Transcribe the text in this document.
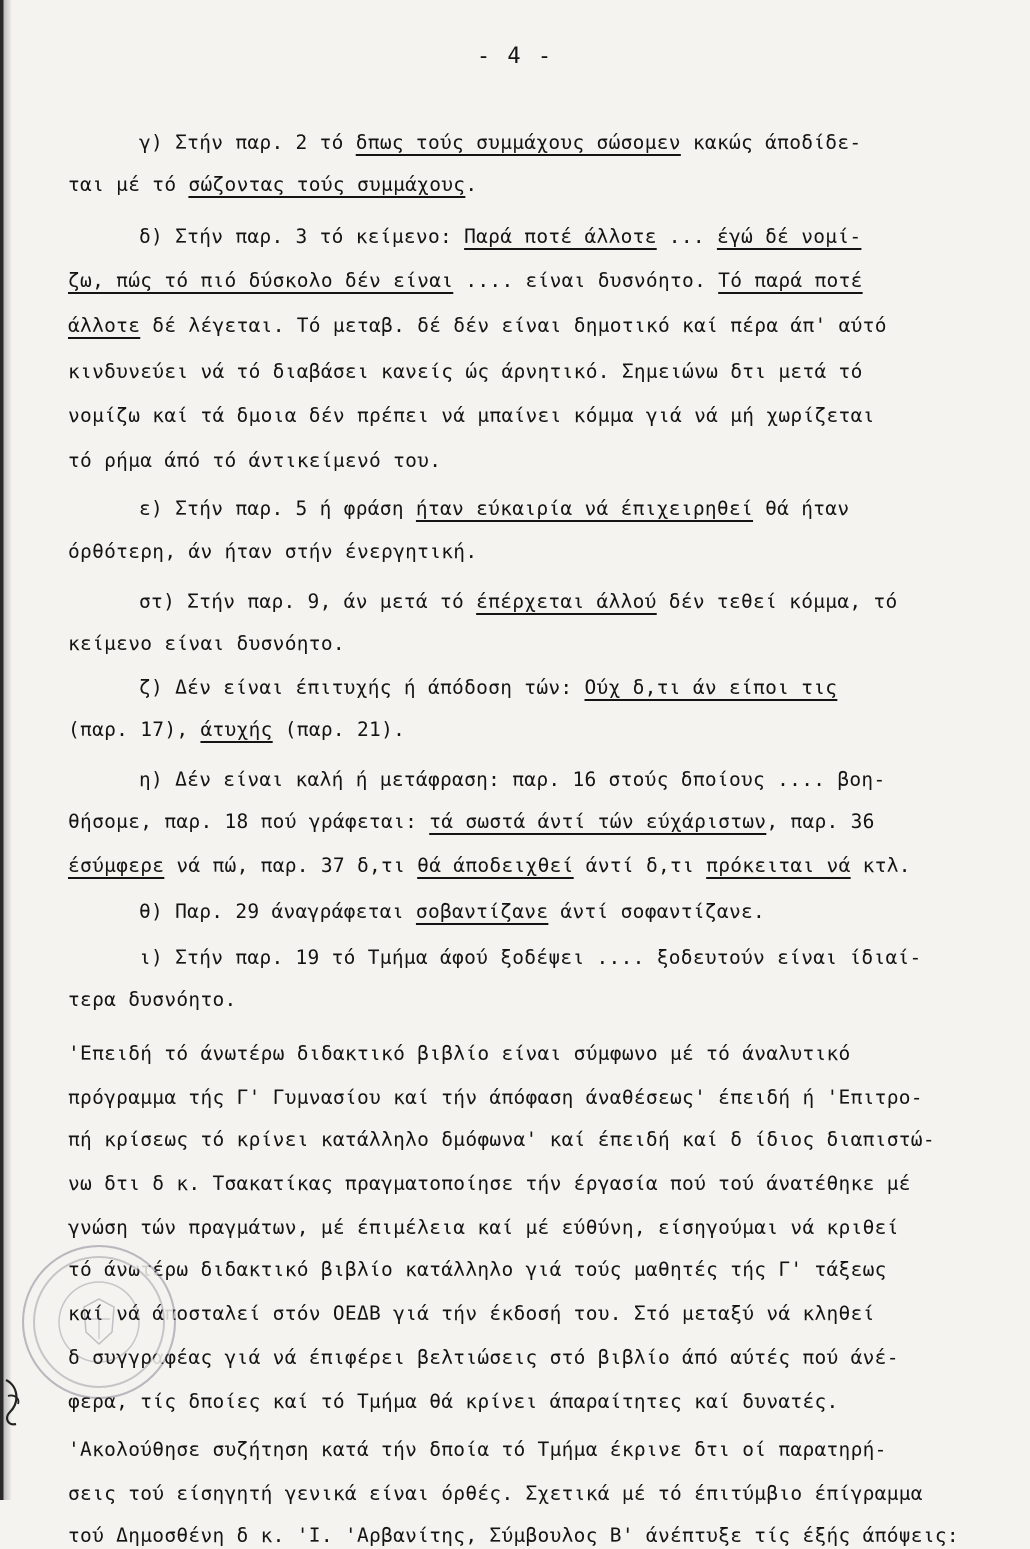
- 4 -
γ) Στήν παρ. 2 τό δπως τούς συμμάχους σώσομεν κακώς άποδίδε-
ται μέ τό σώζοντας τούς συμμάχους.
δ) Στήν παρ. 3 τό κείμενο: Παρά ποτέ άλλοτε ... έγώ δέ νομί-
ζω, πώς τό πιό δύσκολο δέν είναι .... είναι δυσνόητο. Τό παρά ποτέ
άλλοτε δέ λέγεται. Τό μεταβ. δέ δέν είναι δημοτικό καί πέρα άπ' αύτό
κινδυνεύει νά τό διαβάσει κανείς ώς άρνητικό. Σημειώνω δτι μετά τό
νομίζω καί τά δμοια δέν πρέπει νά μπαίνει κόμμα γιά νά μή χωρίζεται
τό ρήμα άπό τό άντικείμενό του.
ε) Στήν παρ. 5 ή φράση ήταν εύκαιρία νά έπιχειρηθεί θά ήταν
όρθότερη, άν ήταν στήν ένεργητική.
στ) Στήν παρ. 9, άν μετά τό έπέρχεται άλλού δέν τεθεί κόμμα, τό
κείμενο είναι δυσνόητο.
ζ) Δέν είναι έπιτυχής ή άπόδοση τών: Ούχ δ,τι άν είποι τις
(παρ. 17), άτυχής (παρ. 21).
η) Δέν είναι καλή ή μετάφραση: παρ. 16 στούς δποίους .... βοη-
θήσομε, παρ. 18 πού γράφεται: τά σωστά άντί τών εύχάριστων, παρ. 36
έσύμφερε νά πώ, παρ. 37 δ,τι θά άποδειχθεί άντί δ,τι πρόκειται νά κτλ.
θ) Παρ. 29 άναγράφεται σοβαντίζανε άντί σοφαντίζανε.
ι) Στήν παρ. 19 τό Τμήμα άφού ξοδέψει .... ξοδευτούν είναι ίδιαί-
τερα δυσνόητο.
'Επειδή τό άνωτέρω διδακτικό βιβλίο είναι σύμφωνο μέ τό άναλυτικό
πρόγραμμα τής Γ' Γυμνασίου καί τήν άπόφαση άναθέσεως' έπειδή ή 'Επιτρο-
πή κρίσεως τό κρίνει κατάλληλο δμόφωνα' καί έπειδή καί δ ίδιος διαπιστώ-
νω δτι δ κ. Τσακατίκας πραγματοποίησε τήν έργασία πού τού άνατέθηκε μέ
γνώση τών πραγμάτων, μέ έπιμέλεια καί μέ εύθύνη, είσηγούμαι νά κριθεί
τό άνωτέρω διδακτικό βιβλίο κατάλληλο γιά τούς μαθητές τής Γ' τάξεως
καί νά άποσταλεί στόν ΟΕΔΒ γιά τήν έκδοσή του. Στό μεταξύ νά κληθεί
δ συγγραφέας γιά νά έπιφέρει βελτιώσεις στό βιβλίο άπό αύτές πού άνέ-
φερα, τίς δποίες καί τό Τμήμα θά κρίνει άπαραίτητες καί δυνατές.
'Ακολούθησε συζήτηση κατά τήν δποία τό Τμήμα έκρινε δτι οί παρατηρή-
σεις τού είσηγητή γενικά είναι όρθές. Σχετικά μέ τό έπιτύμβιο έπίγραμμα
τού Δημοσθένη δ κ. 'Ι. 'Αρβανίτης, Σύμβουλος Β' άνέπτυξε τίς έξής άπόψεις:
